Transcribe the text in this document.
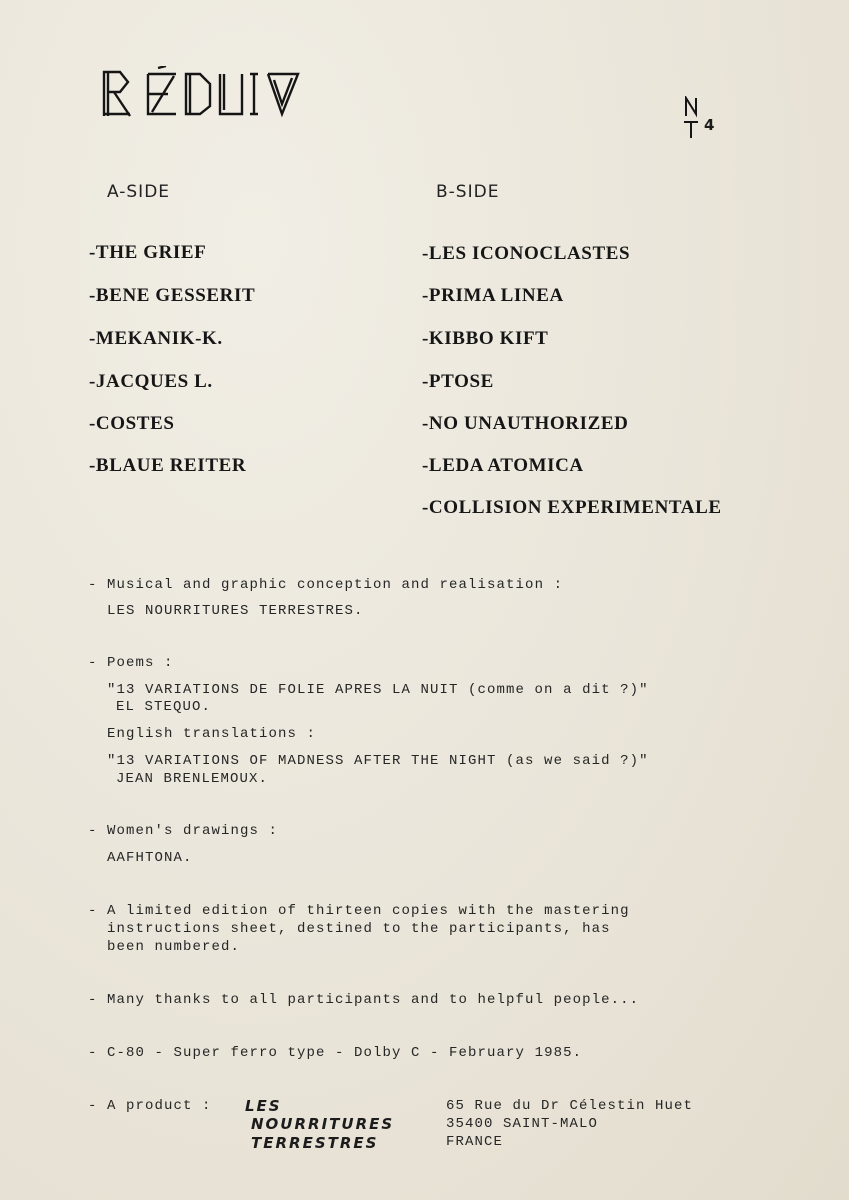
4
A-SIDE	B-SIDE
-THE GRIEF
-BENE GESSERIT
-MEKANIK-K.
-JACQUES L.
-COSTES
-BLAUE REITER
-LES ICONOCLASTES
-PRIMA LINEA
-KIBBO KIFT
-PTOSE
-NO UNAUTHORIZED
-LEDA ATOMICA
-COLLISION EXPERIMENTALE
- Musical and graphic conception and realisation :
LES NOURRITURES TERRESTRES.
- Poems :
"13 VARIATIONS DE FOLIE APRES LA NUIT (comme on a dit ?)"
EL STEQUO.
English translations :
"13 VARIATIONS OF MADNESS AFTER THE NIGHT (as we said ?)"
JEAN BRENLEMOUX.
- Women's drawings :
AAFHTONA.
- A limited edition of thirteen copies with the mastering
instructions sheet, destined to the participants, has
been numbered.
- Many thanks to all participants and to helpful people...
- C-80 - Super ferro type - Dolby C - February 1985.
- A product : LES
NOURRITURES
TERRESTRES
65 Rue du Dr Célestin Huet
35400 SAINT-MALO
FRANCE
